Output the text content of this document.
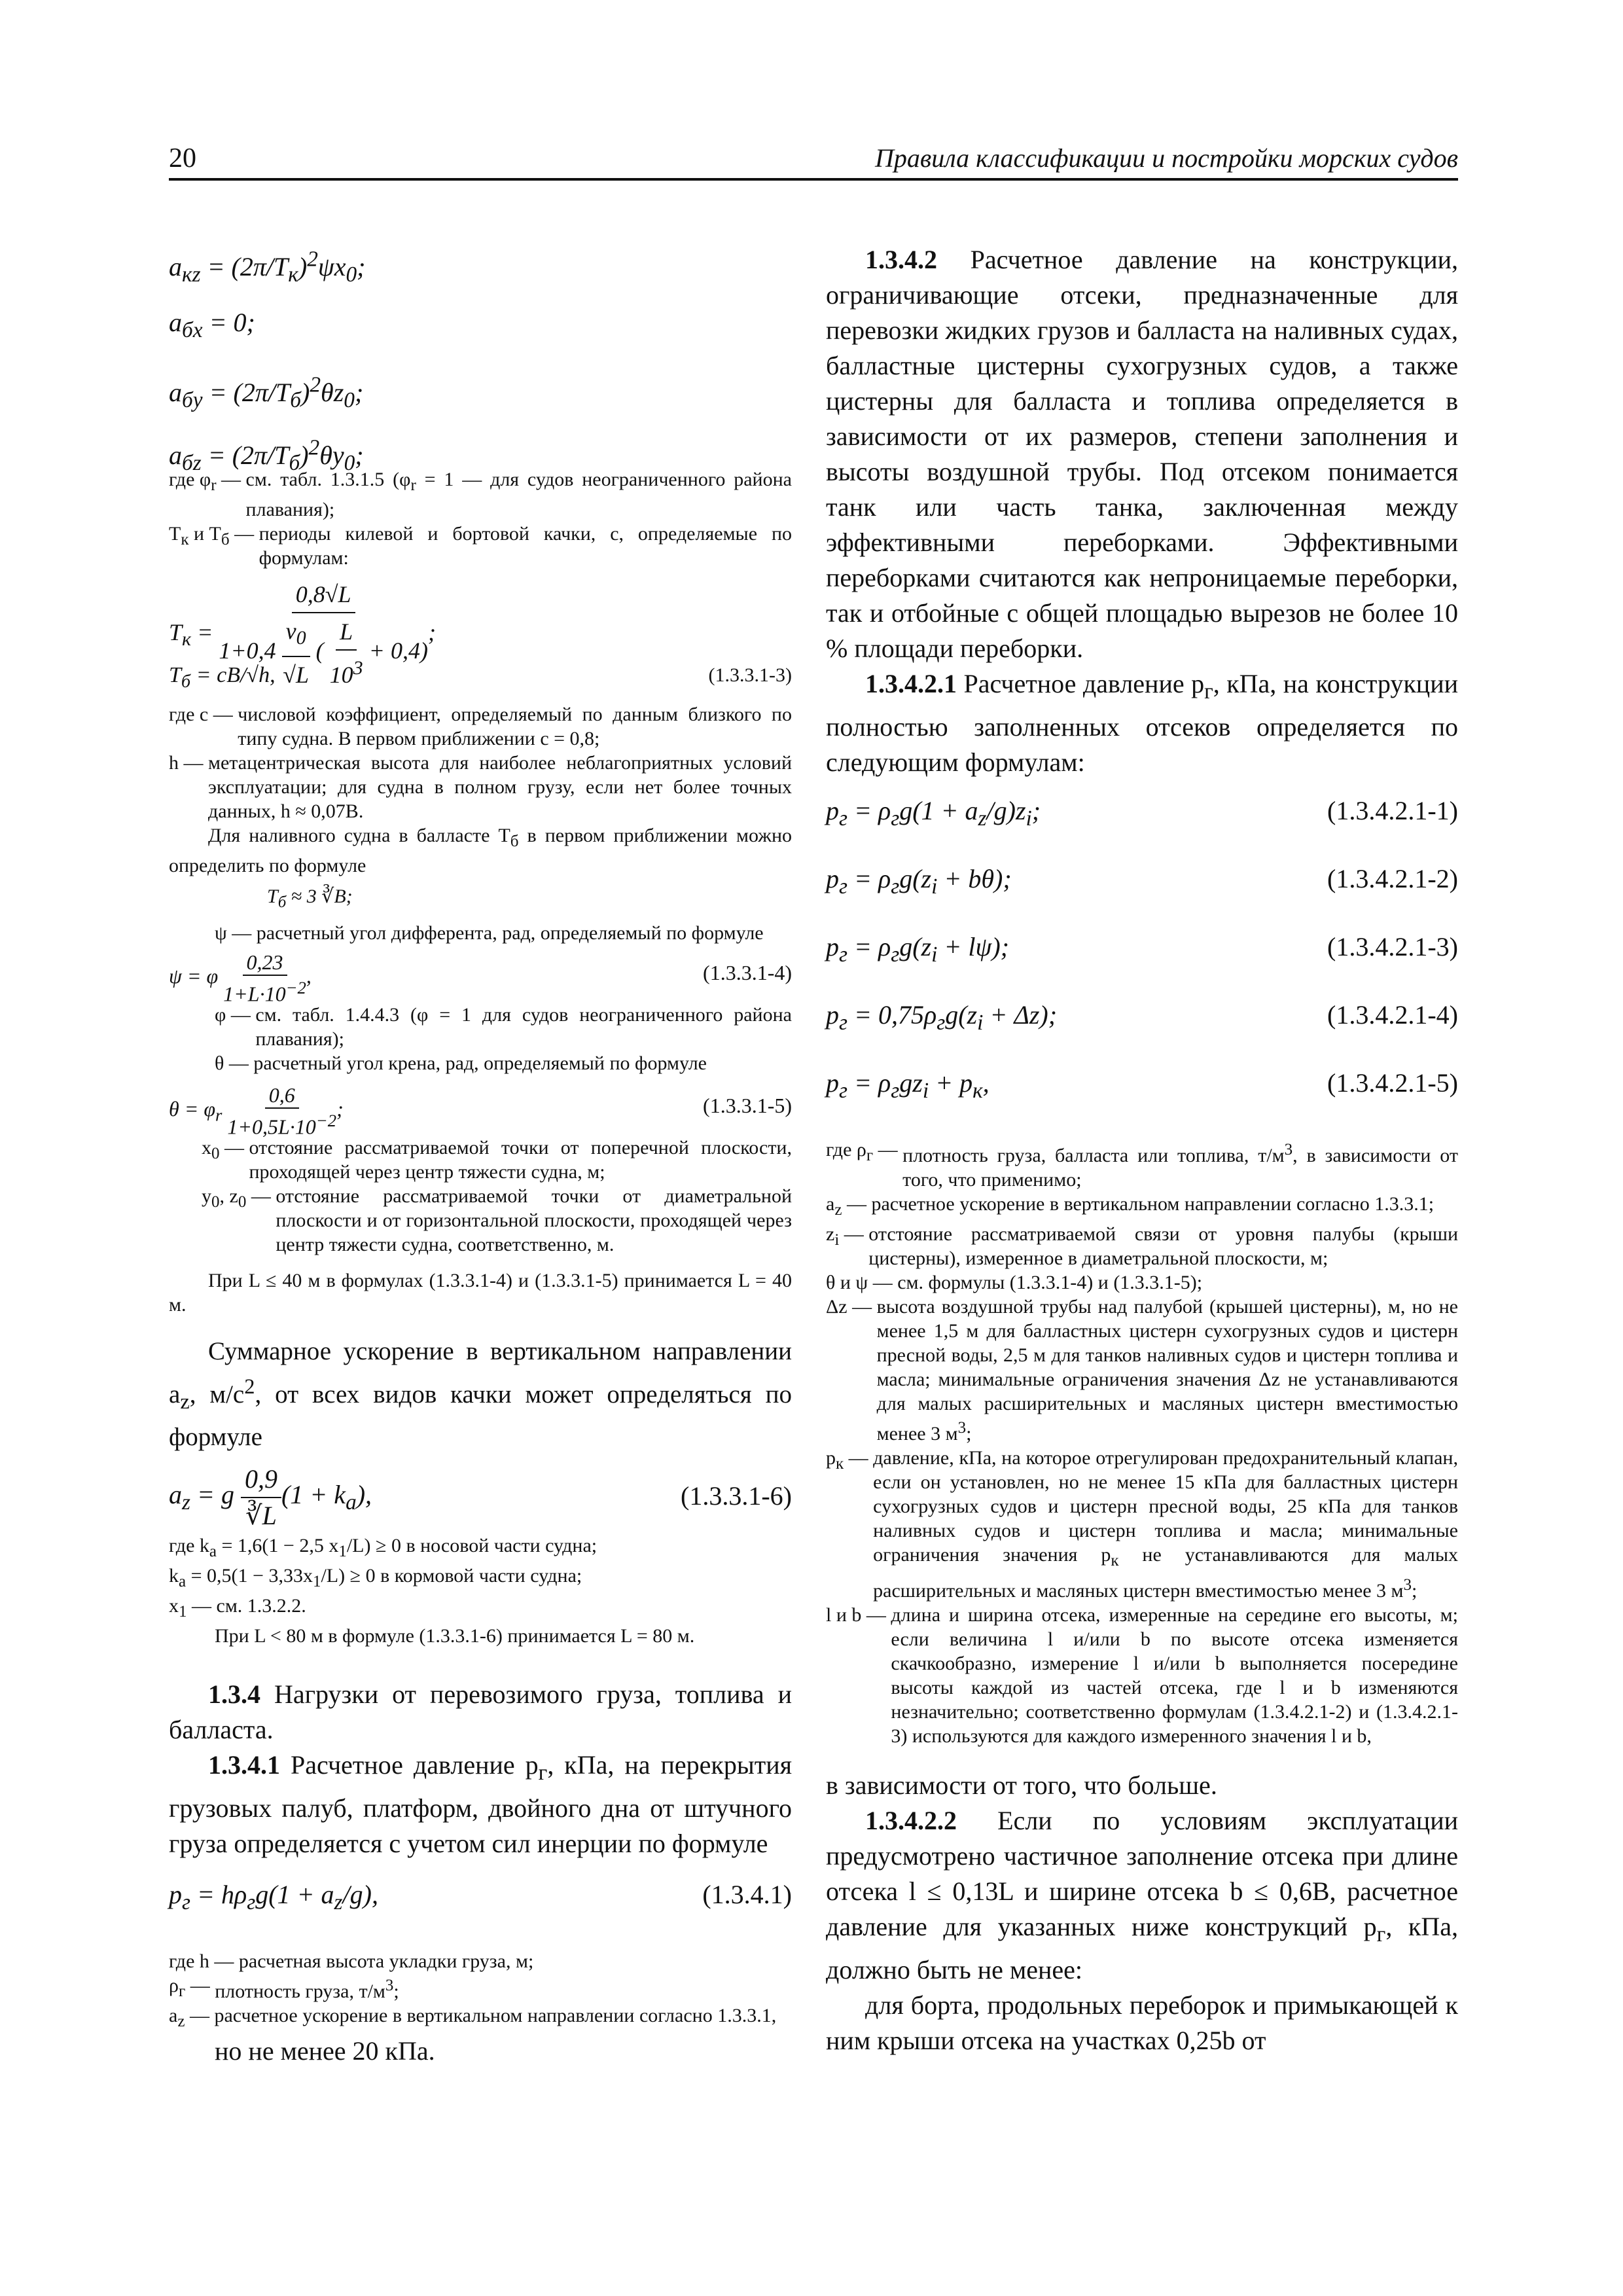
20	Правила классификации и постройки морских судов
$a_{кz} = (2\pi/T_к)^2\psi x_0$;
$a_{бx} = 0$;
$a_{бy} = (2\pi/T_б)^2\theta z_0$;
$a_{бz} = (2\pi/T_б)^2\theta y_0$;
где $\varphi_r$ — см. табл. 1.3.1.5 ($\varphi_r = 1$ — для судов неограниченного района плавания);
$T_к$ и $T_б$ — периоды килевой и бортовой качки, с, определяемые по формулам:
$T_к = \frac{0,8√L}{1+0,4 \frac{v_0}{√L} ( \frac{L}{10^3} + 0,4)}$ ;
$T_б = cB/√h$,	(1.3.3.1-3)
где c — числовой коэффициент, определяемый по данным близкого по типу судна. В первом приближении c = 0,8;
h — метацентрическая высота для наиболее неблагоприятных условий эксплуатации; для судна в полном грузу, если нет более точных данных, h ≈ 0,07B.
Для наливного судна в балласте $T_б$ в первом приближении можно определить по формуле
$T_б \approx 3$ ∛B;
ψ — расчетный угол дифферента, рад, определяемый по формуле
ψ = φ $\frac{0,23}{1+L\cdot 10^{-2}}$ ,	(1.3.3.1-4)
φ — см. табл. 1.4.4.3 (φ = 1 для судов неограниченного района плавания);
θ — расчетный угол крена, рад, определяемый по формуле
$\theta = \varphi_r \frac{0,6}{1+0,5L\cdot 10^{-2}}$ ;	(1.3.3.1-5)
$x_0$ — отстояние рассматриваемой точки от поперечной плоскости, проходящей через центр тяжести судна, м;
$y_0$, $z_0$ — отстояние рассматриваемой точки от диаметральной плоскости и от горизонтальной плоскости, проходящей через центр тяжести судна, соответственно, м.
При L ≤ 40 м в формулах (1.3.3.1-4) и (1.3.3.1-5) принимается L = 40 м.
Суммарное ускорение в вертикальном направлении $a_z$, $м/с^2$, от всех видов качки может определяться по формуле
$a_z = g \frac{0,9}{∛L} (1 + k_a)$,	(1.3.3.1-6)
где $k_a = 1,6(1 - 2,5$ $x_1/L) \ge 0$ в носовой части судна;
$k_a = 0,5(1 - 3,33x_1/L) \ge 0$ в кормовой части судна;
$x_1$ — см. 1.3.2.2.
При L < 80 м в формуле (1.3.3.1-6) принимается L = 80 м.
1.3.4 Нагрузки от перевозимого груза, топлива и балласта.
1.3.4.1 Расчетное давление $p_г$, кПа, на перекрытия грузовых палуб, платформ, двойного дна от штучного груза определяется с учетом сил инерции по формуле
$p_г = h\rho_гg(1 + a_z/g)$,	(1.3.4.1)
где h — расчетная высота укладки груза, м;
$\rho_г$ — плотность груза, $т/м^3$;
$a_z$ — расчетное ускорение в вертикальном направлении согласно 1.3.3.1,
но не менее 20 кПа.
1.3.4.2 Расчетное давление на конструкции, ограничивающие отсеки, предназначенные для перевозки жидких грузов и балласта на наливных судах, балластные цистерны сухогрузных судов, а также цистерны для балласта и топлива определяется в зависимости от их размеров, степени заполнения и высоты воздушной трубы. Под отсеком понимается танк или часть танка, заключенная между эффективными переборками. Эффективными переборками считаются как непроницаемые переборки, так и отбойные с общей площадью вырезов не более 10 % площади переборки.
1.3.4.2.1 Расчетное давление $p_г$, кПа, на конструкции полностью заполненных отсеков определяется по следующим формулам:
$p_г = \rho_гg(1 + a_z/g)z_i$;	(1.3.4.2.1-1)
$p_г = \rho_гg(z_i + b\theta)$;	(1.3.4.2.1-2)
$p_г = \rho_гg(z_i + l\psi)$;	(1.3.4.2.1-3)
$p_г = 0,75\rho_гg(z_i + \Delta z)$;	(1.3.4.2.1-4)
$p_г = \rho_гgz_i + p_к$,	(1.3.4.2.1-5)
где $\rho_г$ — плотность груза, балласта или топлива, $т/м^3$, в зависимости от того, что применимо;
$a_z$ — расчетное ускорение в вертикальном направлении согласно 1.3.3.1;
$z_i$ — отстояние рассматриваемой связи от уровня палубы (крыши цистерны), измеренное в диаметральной плоскости, м;
θ и ψ — см. формулы (1.3.3.1-4) и (1.3.3.1-5);
Δz — высота воздушной трубы над палубой (крышей цистерны), м, но не менее 1,5 м для балластных цистерн сухогрузных судов и цистерн пресной воды, 2,5 м для танков наливных судов и цистерн топлива и масла; минимальные ограничения значения Δz не устанавливаются для малых расширительных и масляных цистерн вместимостью менее 3 $м^3$;
$p_к$ — давление, кПа, на которое отрегулирован предохранительный клапан, если он установлен, но не менее 15 кПа для балластных цистерн сухогрузных судов и цистерн пресной воды, 25 кПа для танков наливных судов и цистерн топлива и масла; минимальные ограничения значения $p_к$ не устанавливаются для малых расширительных и масляных цистерн вместимостью менее 3 $м^3$;
l и b — длина и ширина отсека, измеренные на середине его высоты, м; если величина l и/или b по высоте отсека изменяется скачкообразно, измерение l и/или b выполняется посередине высоты каждой из частей отсека, где l и b изменяются незначительно; соответственно формулам (1.3.4.2.1-2) и (1.3.4.2.1-3) используются для каждого измеренного значения l и b,
в зависимости от того, что больше.
1.3.4.2.2 Если по условиям эксплуатации предусмотрено частичное заполнение отсека при длине отсека l ≤ 0,13L и ширине отсека b ≤ 0,6B, расчетное давление для указанных ниже конструкций $p_г$, кПа, должно быть не менее:
для борта, продольных переборок и примыкающей к ним крыши отсека на участках 0,25b от
